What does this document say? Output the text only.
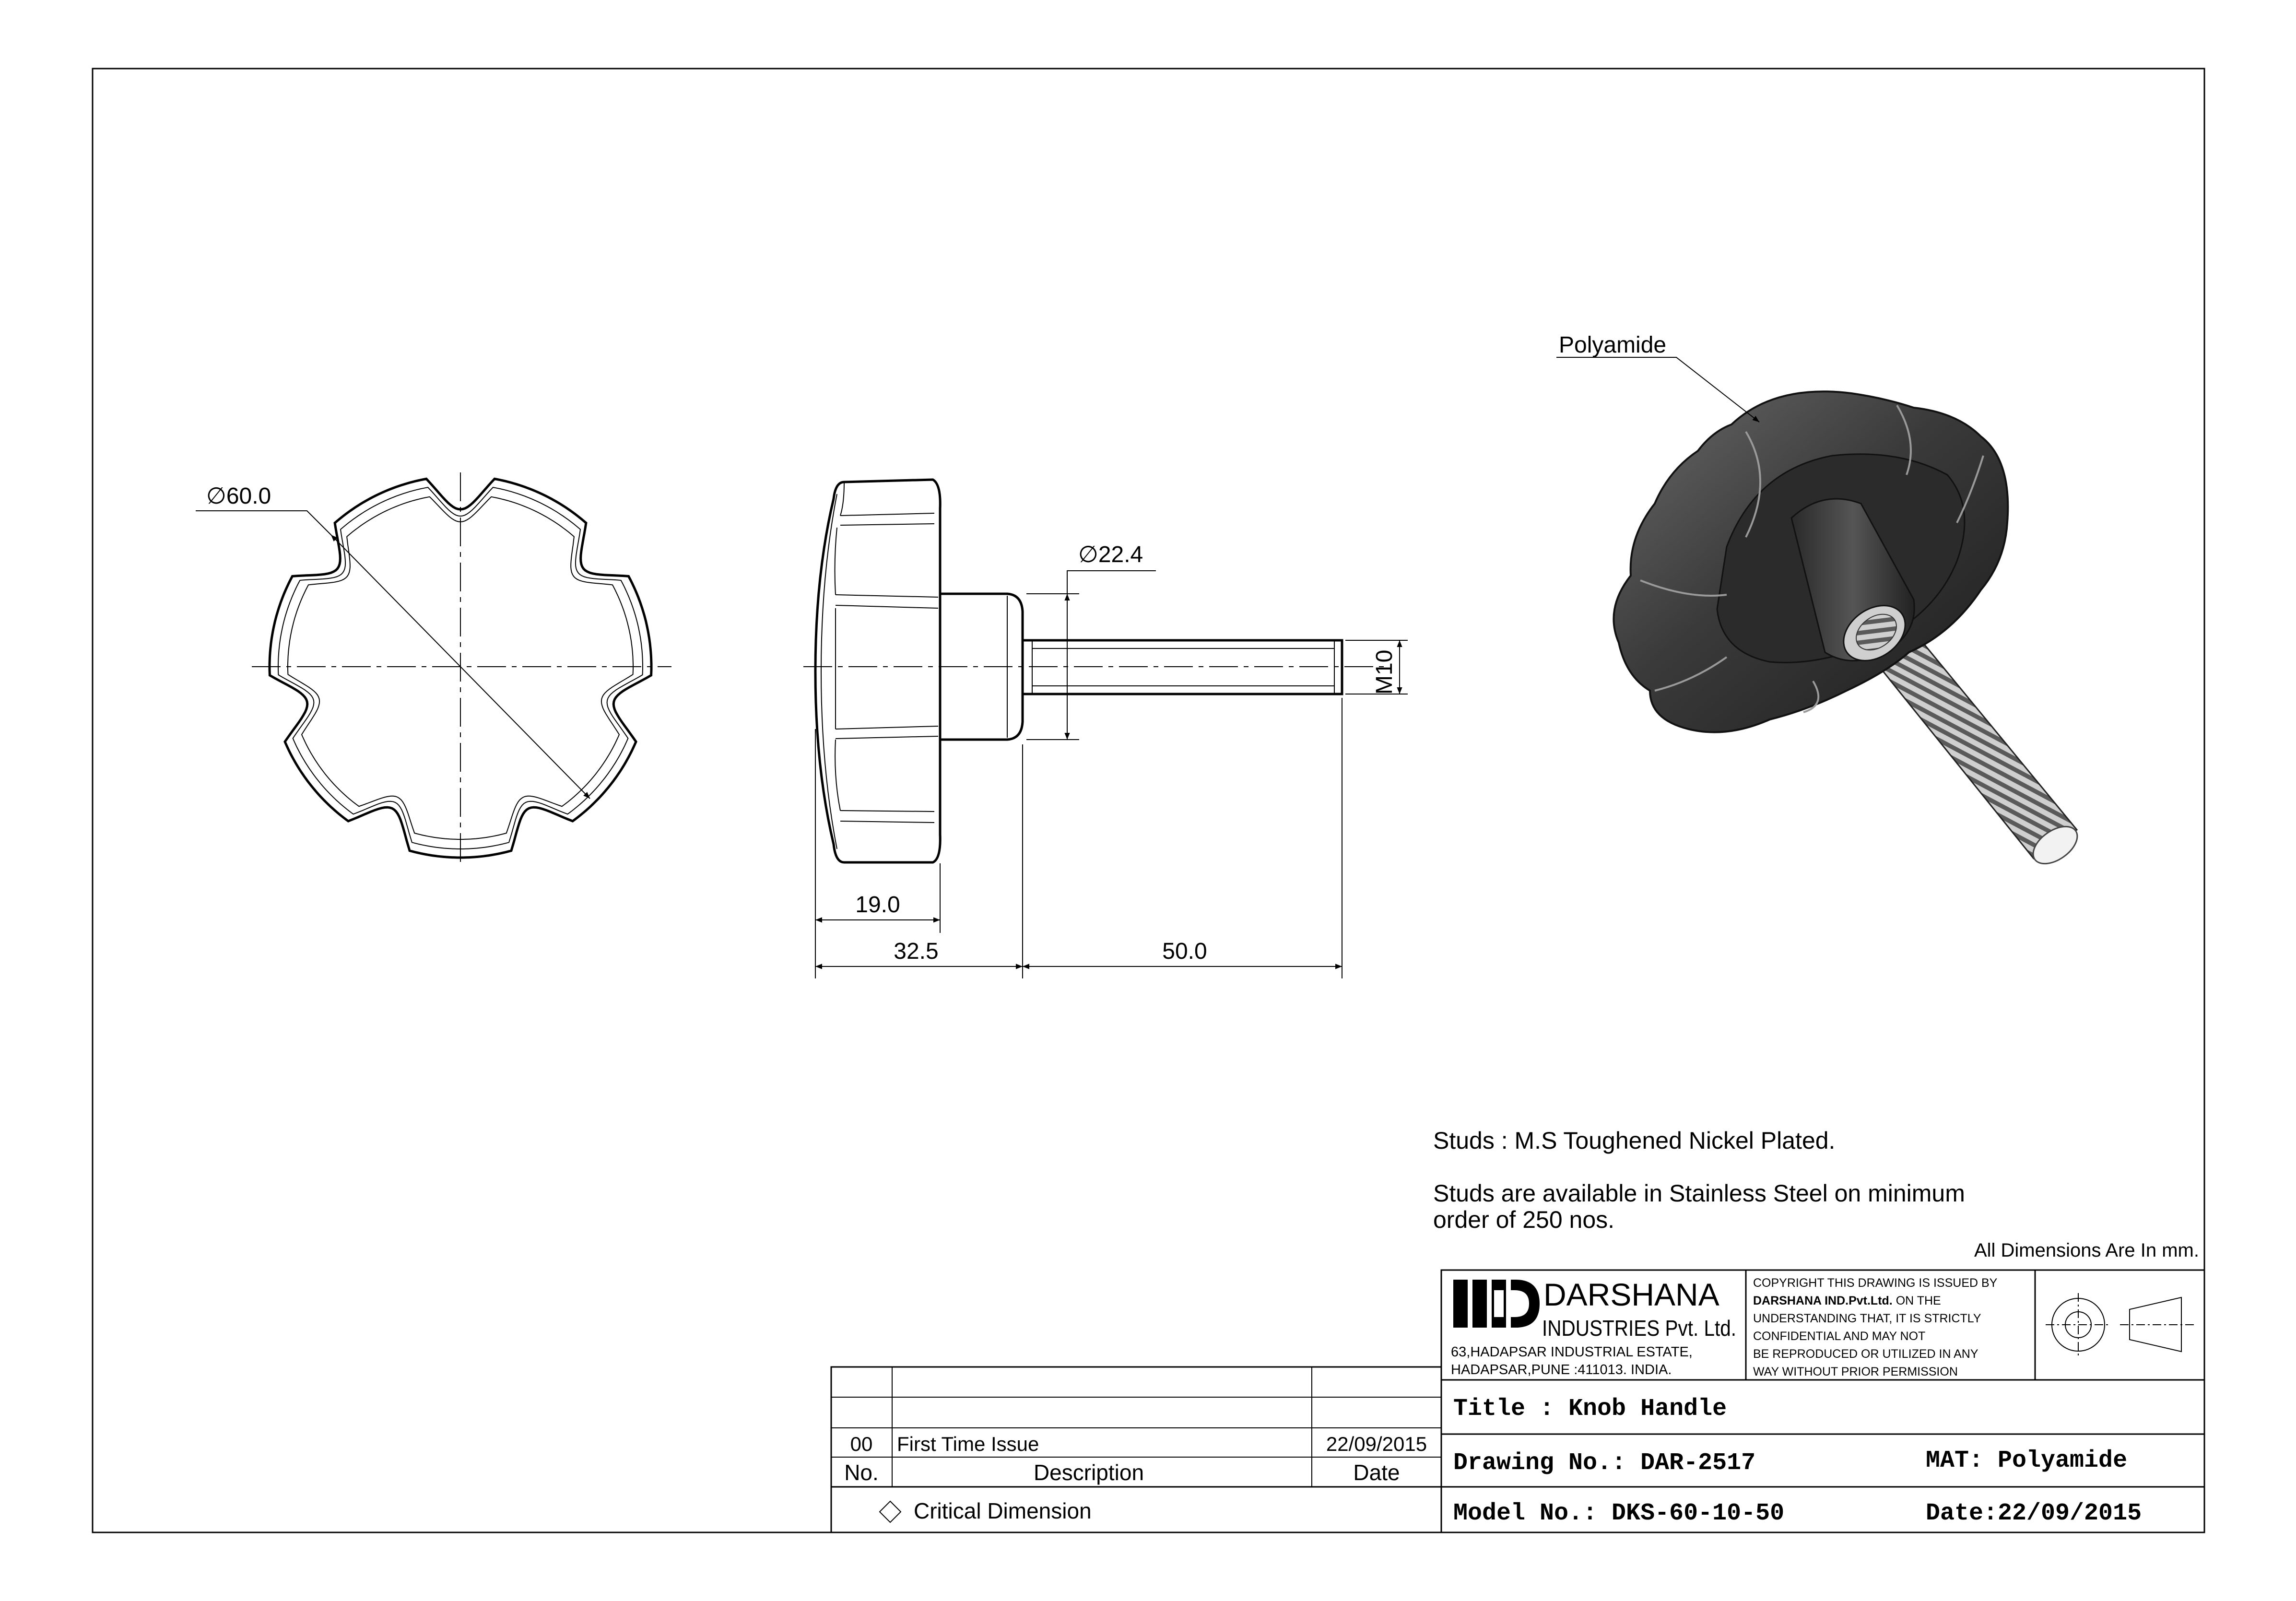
∅60.0
∅22.4
M10
19.0
32.5	50.0
Polyamide
Studs : M.S Toughened Nickel Plated.
Studs are available in Stainless Steel on minimum
order of 250 nos.
All Dimensions Are In mm.
DARSHANA
INDUSTRIES Pvt. Ltd.
63,HADAPSAR INDUSTRIAL ESTATE,
HADAPSAR,PUNE :411013. INDIA.
COPYRIGHT THIS DRAWING IS ISSUED BY
DARSHANA IND.Pvt.Ltd. ON THE
UNDERSTANDING THAT, IT IS STRICTLY
CONFIDENTIAL AND MAY NOT
BE REPRODUCED OR UTILIZED IN ANY
WAY WITHOUT PRIOR PERMISSION
Title : Knob Handle
Drawing No.: DAR-2517	MAT: Polyamide
Model No.: DKS-60-10-50	Date:22/09/2015
00 First Time Issue	22/09/2015
No.	Description	Date
Critical Dimension
